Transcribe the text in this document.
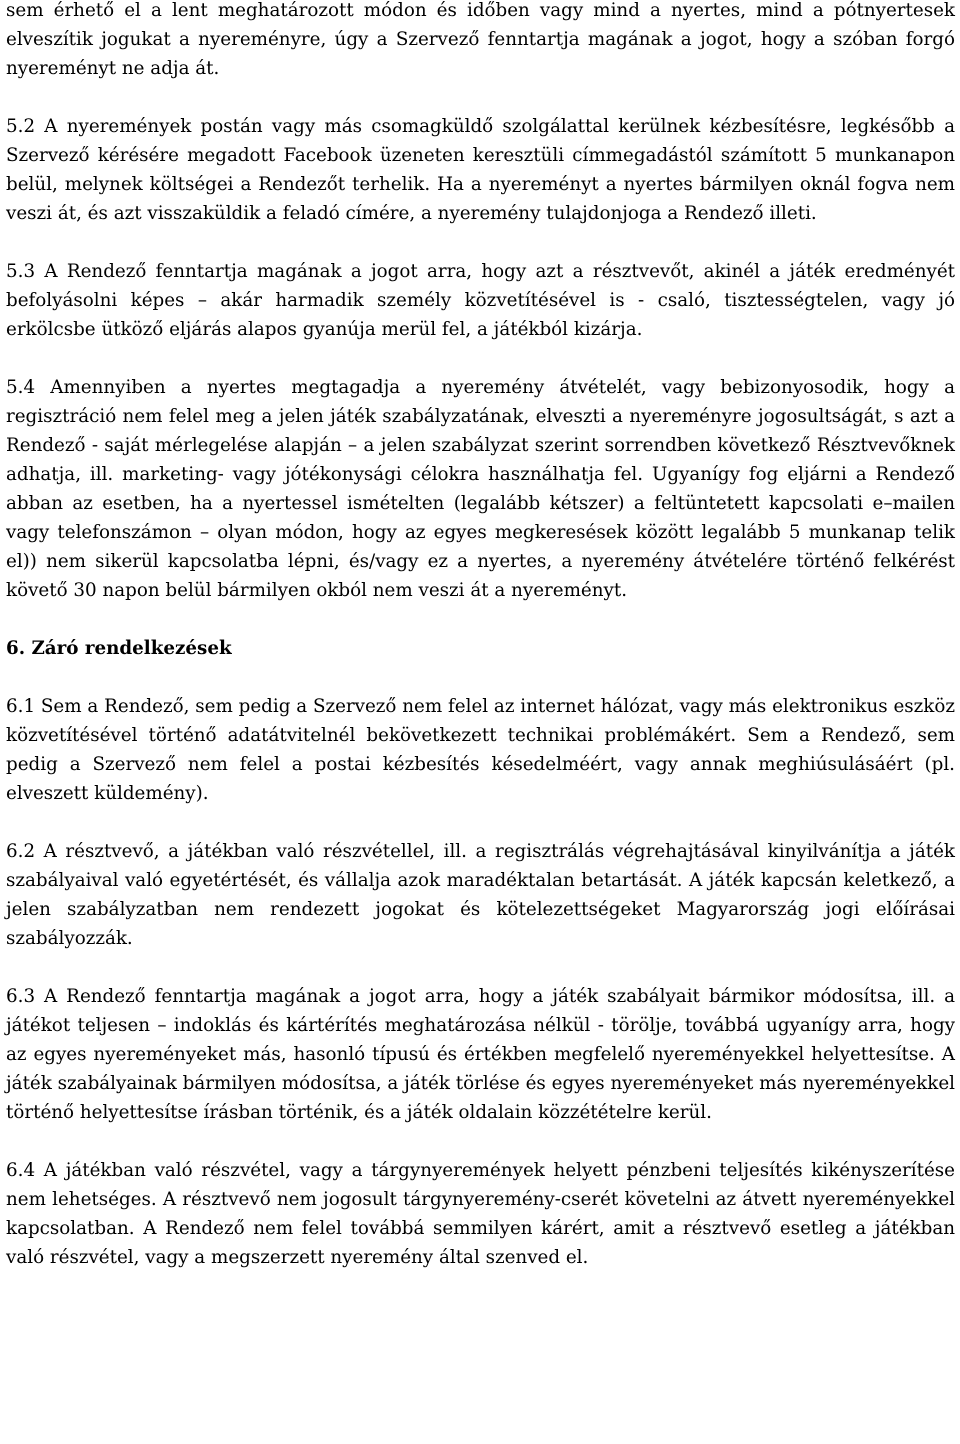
sem érhető el a lent meghatározott módon és időben vagy mind a nyertes, mind a pótnyertesek elveszítik jogukat a nyereményre, úgy a Szervező fenntartja magának a jogot, hogy a szóban forgó nyereményt ne adja át.

5.2 A nyeremények postán vagy más csomagküldő szolgálattal kerülnek kézbesítésre, legkésőbb a Szervező kérésére megadott Facebook üzeneten keresztüli címmegadástól számított 5 munkanapon belül, melynek költségei a Rendezőt terhelik. Ha a nyereményt a nyertes bármilyen oknál fogva nem veszi át, és azt visszaküldik a feladó címére, a nyeremény tulajdonjoga a Rendező illeti.

5.3 A Rendező fenntartja magának a jogot arra, hogy azt a résztvevőt, akinél a játék eredményét befolyásolni képes – akár harmadik személy közvetítésével is - csaló, tisztességtelen, vagy jó erkölcsbe ütköző eljárás alapos gyanúja merül fel, a játékból kizárja.

5.4 Amennyiben a nyertes megtagadja a nyeremény átvételét, vagy bebizonyosodik, hogy a regisztráció nem felel meg a jelen játék szabályzatának, elveszti a nyereményre jogosultságát, s azt a Rendező - saját mérlegelése alapján – a jelen szabályzat szerint sorrendben következő Résztvevőknek adhatja, ill. marketing- vagy jótékonysági célokra használhatja fel. Ugyanígy fog eljárni a Rendező abban az esetben, ha a nyertessel ismételten (legalább kétszer) a feltüntetett kapcsolati e–mailen vagy telefonszámon – olyan módon, hogy az egyes megkeresések között legalább 5 munkanap telik el)) nem sikerül kapcsolatba lépni, és/vagy ez a nyertes, a nyeremény átvételére történő felkérést követő 30 napon belül bármilyen okból nem veszi át a nyereményt.

6. Záró rendelkezések

6.1 Sem a Rendező, sem pedig a Szervező nem felel az internet hálózat, vagy más elektronikus eszköz közvetítésével történő adatátvitelnél bekövetkezett technikai problémákért. Sem a Rendező, sem pedig a Szervező nem felel a postai kézbesítés késedelméért, vagy annak meghiúsulásáért (pl. elveszett küldemény).

6.2 A résztvevő, a játékban való részvétellel, ill. a regisztrálás végrehajtásával kinyilvánítja a játék szabályaival való egyetértését, és vállalja azok maradéktalan betartását. A játék kapcsán keletkező, a jelen szabályzatban nem rendezett jogokat és kötelezettségeket Magyarország jogi előírásai szabályozzák.

6.3 A Rendező fenntartja magának a jogot arra, hogy a játék szabályait bármikor módosítsa, ill. a játékot teljesen – indoklás és kártérítés meghatározása nélkül - törölje, továbbá ugyanígy arra, hogy az egyes nyereményeket más, hasonló típusú és értékben megfelelő nyereményekkel helyettesítse. A játék szabályainak bármilyen módosítsa, a játék törlése és egyes nyereményeket más nyereményekkel történő helyettesítse írásban történik, és a játék oldalain közzétételre kerül.

6.4 A játékban való részvétel, vagy a tárgynyeremények helyett pénzbeni teljesítés kikényszerítése nem lehetséges. A résztvevő nem jogosult tárgynyeremény-cserét követelni az átvett nyereményekkel kapcsolatban. A Rendező nem felel továbbá semmilyen kárért, amit a résztvevő esetleg a játékban való részvétel, vagy a megszerzett nyeremény által szenved el.
